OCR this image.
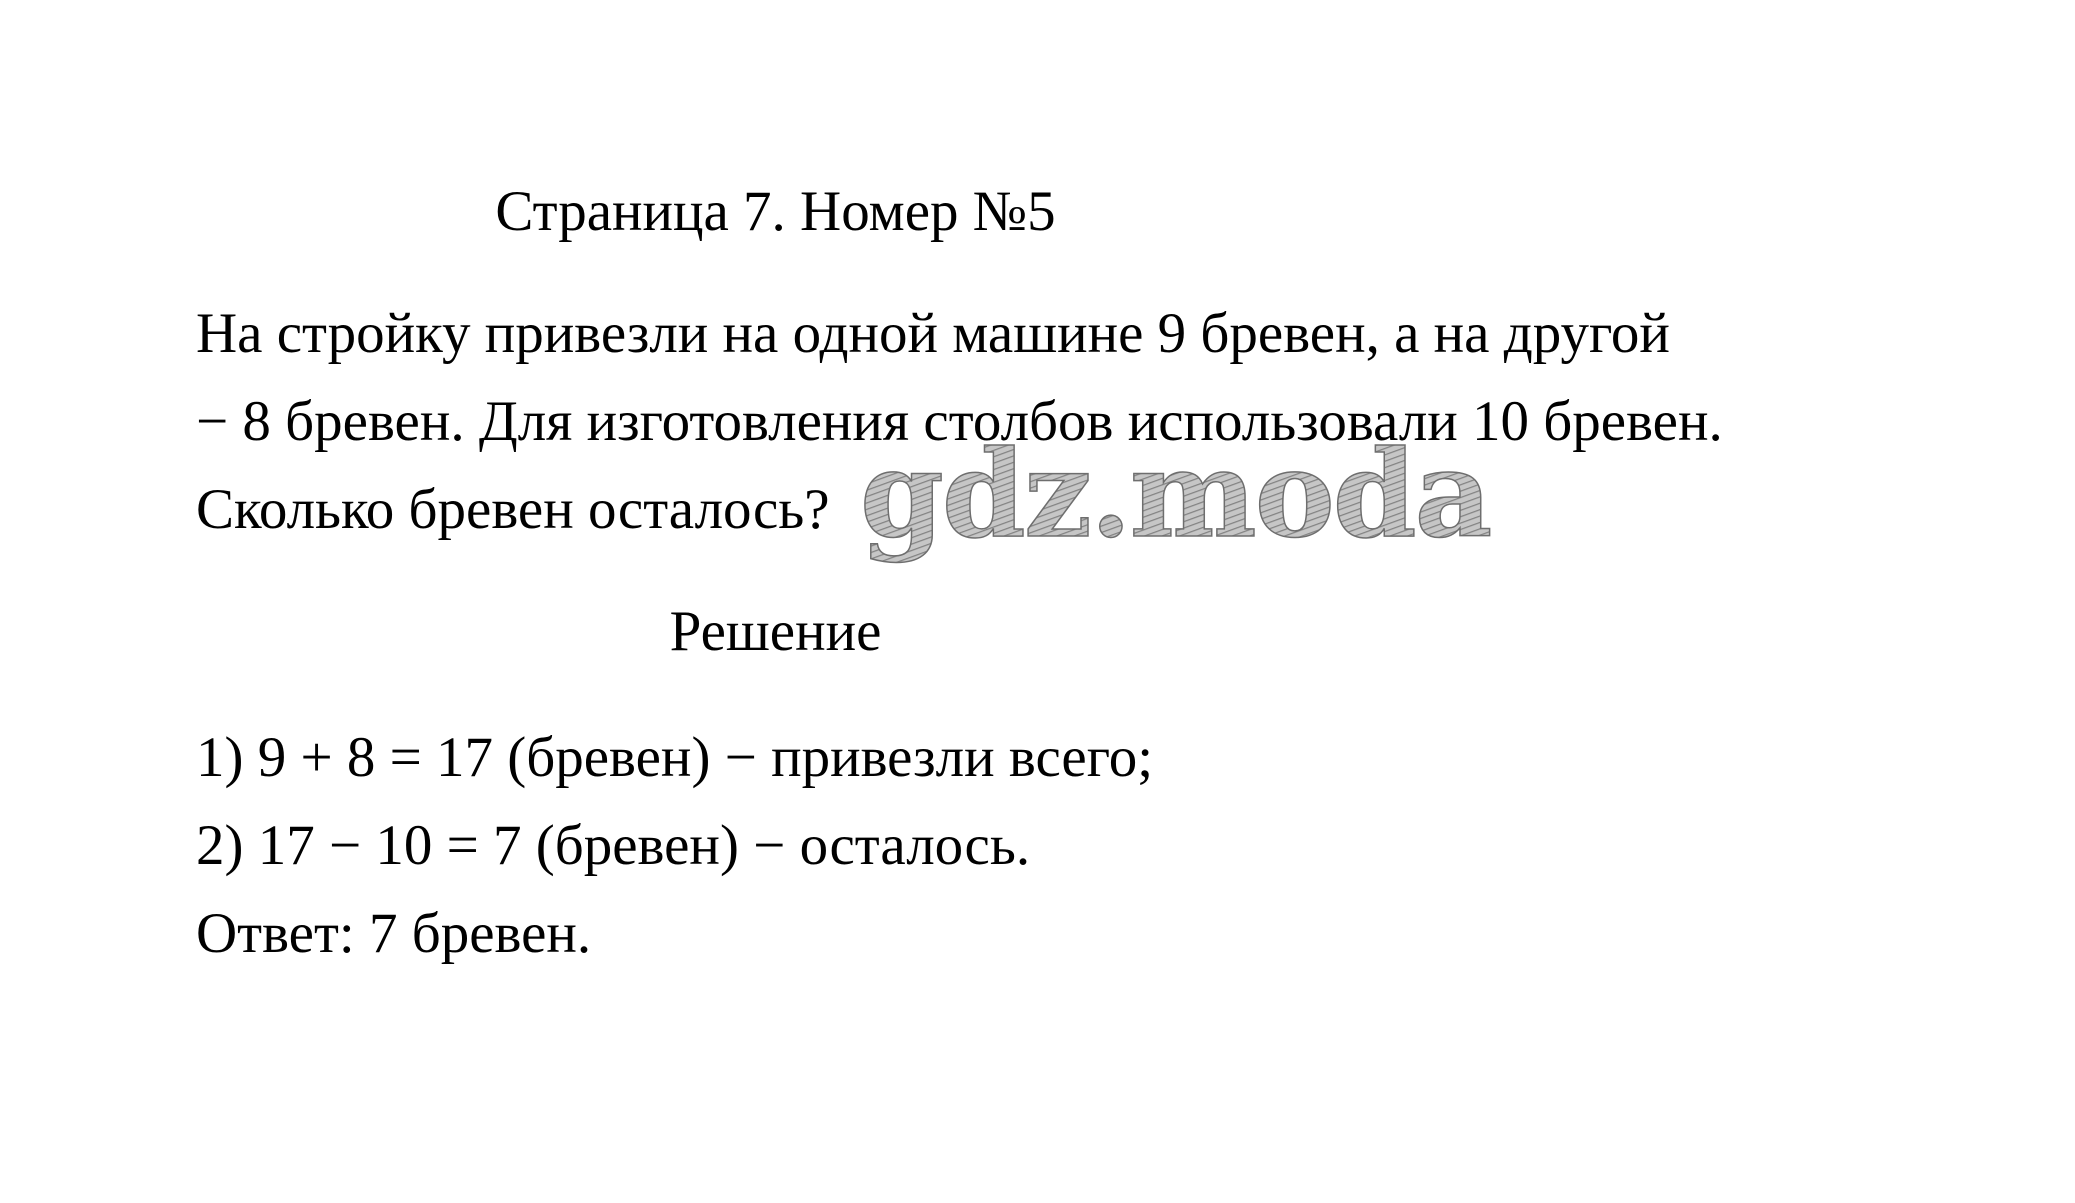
Страница 7. Номер №5
На стройку привезли на одной машине 9 бревен, а на другой
− 8 бревен. Для изготовления столбов использовали 10 бревен.
Сколько бревен осталось? gdz.moda
Решение
1) 9 + 8 = 17 (бревен) − привезли всего;
2) 17 − 10 = 7 (бревен) − осталось.
Ответ: 7 бревен.
